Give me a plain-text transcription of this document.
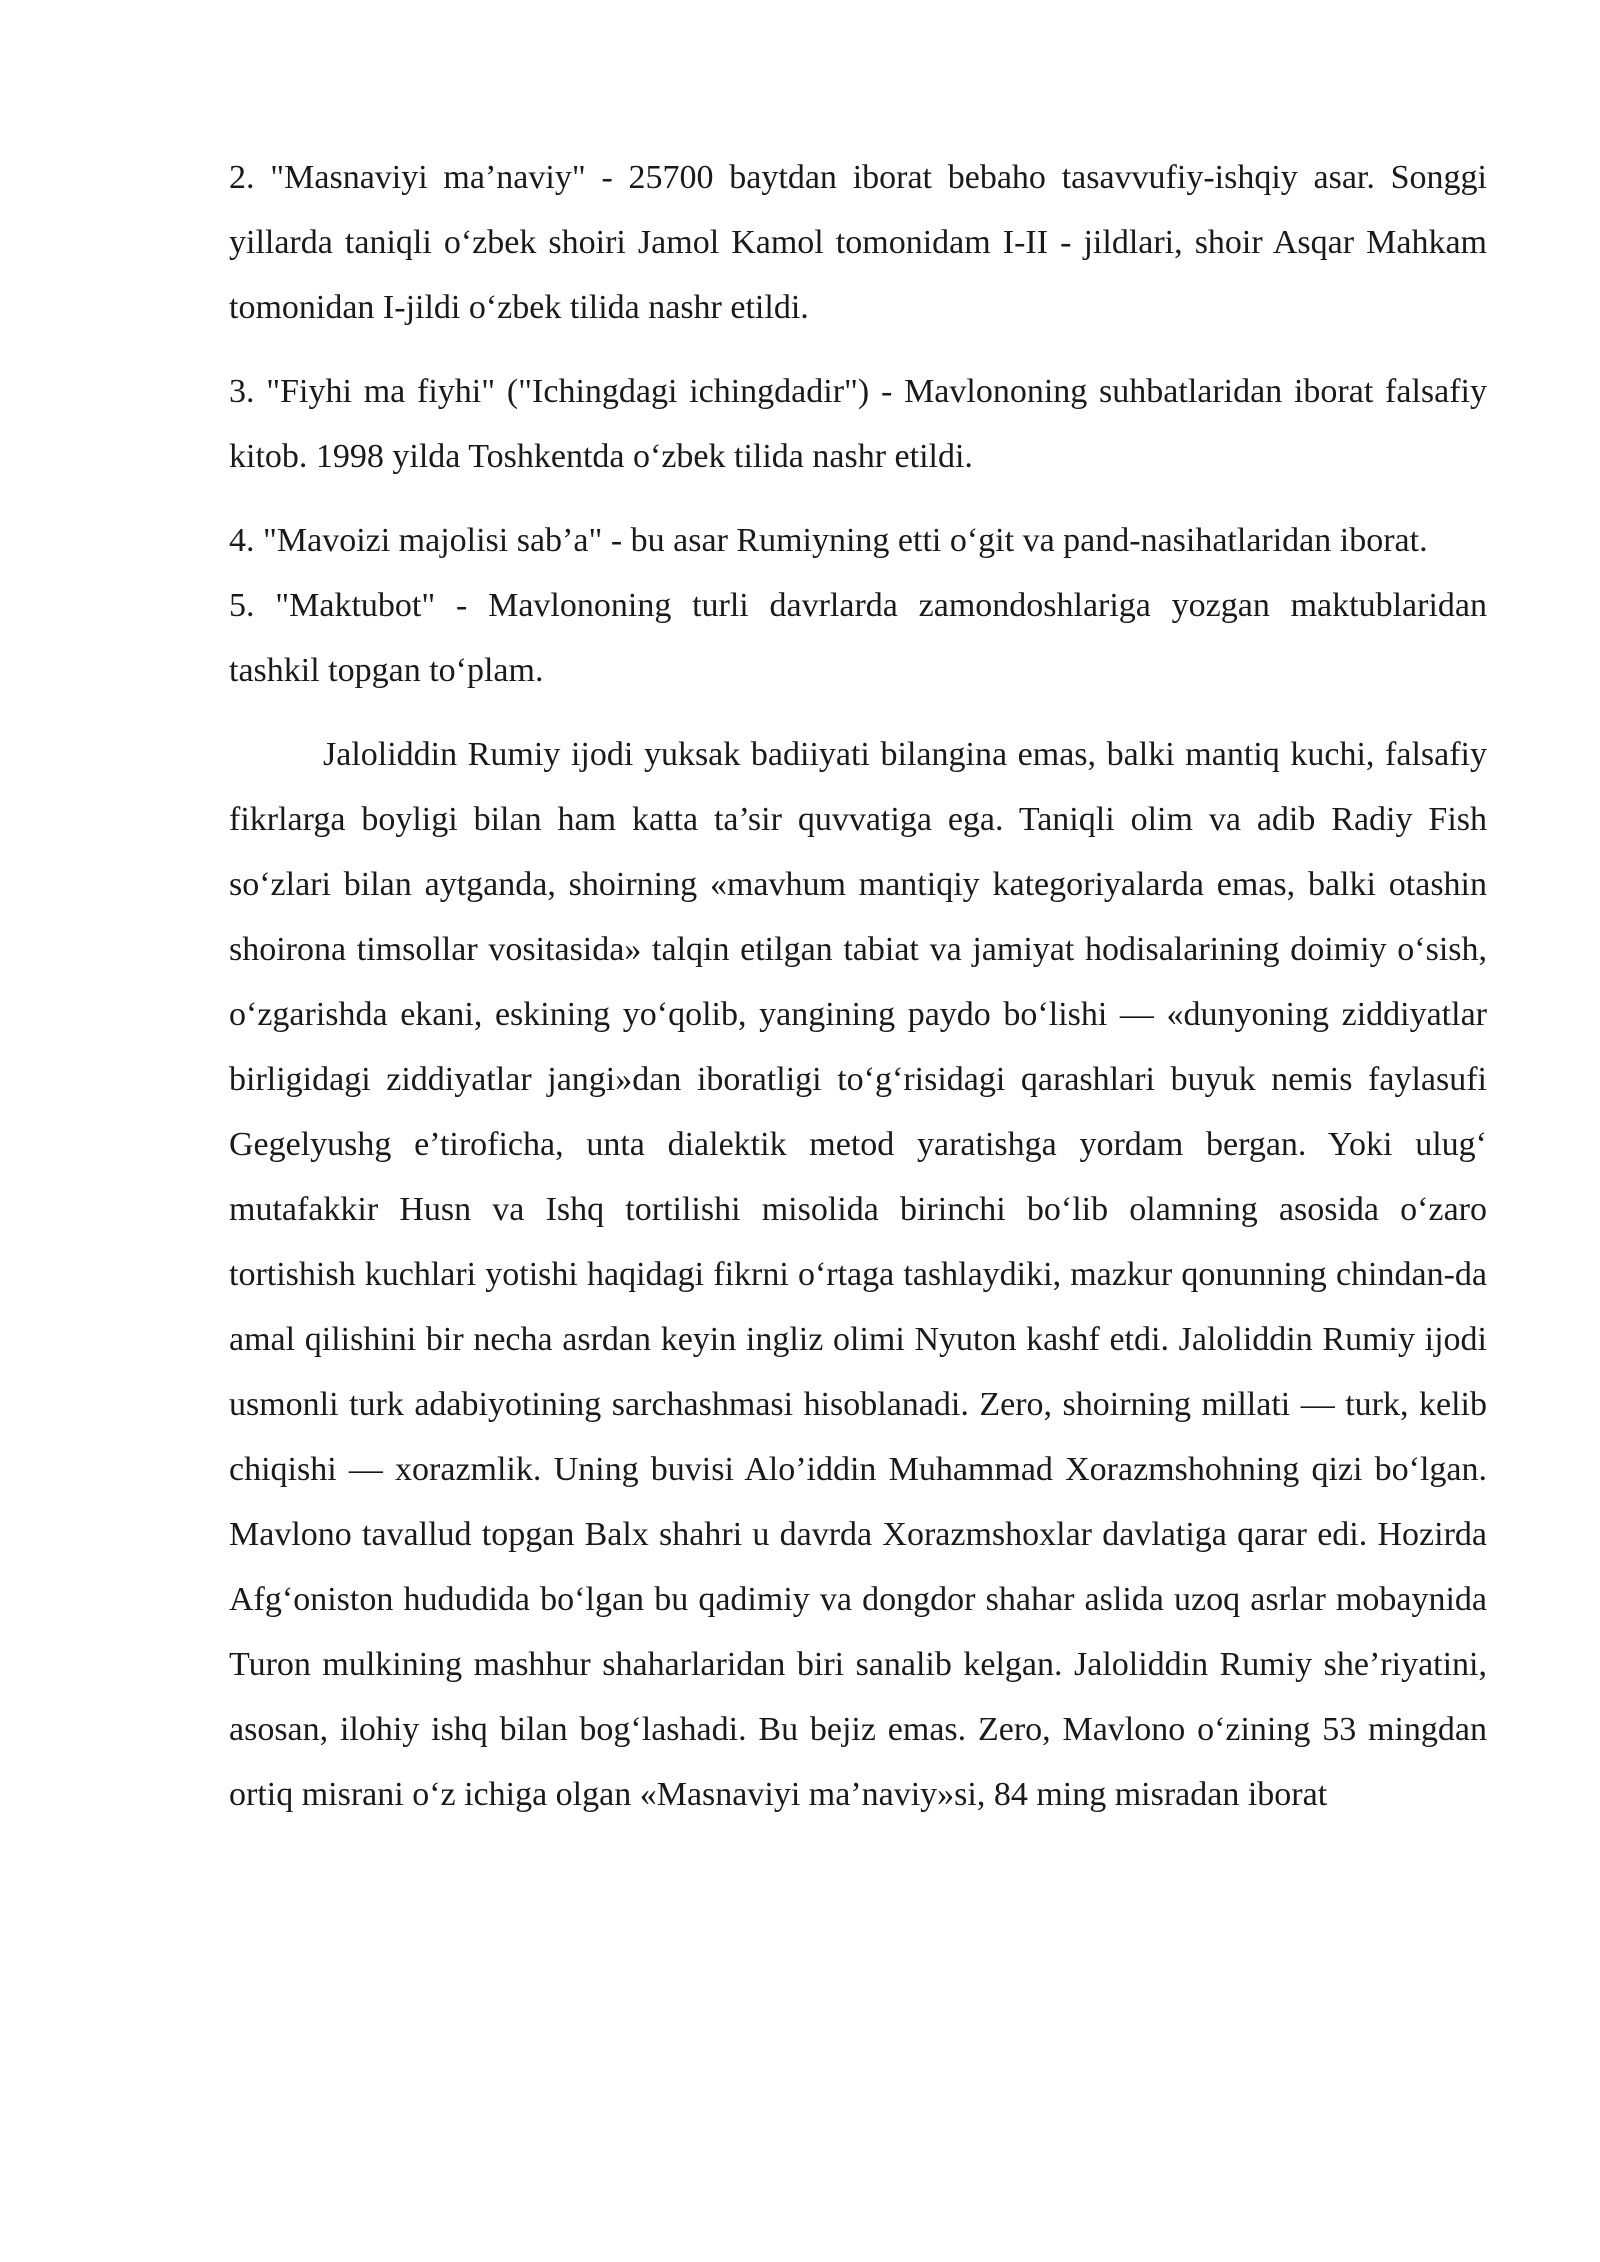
2. "Masnaviyi ma’naviy" - 25700 baytdan iborat bebaho tasavvufiy-ishqiy asar. Songgi yillarda taniqli o‘zbek shoiri Jamol Kamol tomonidam I-II - jildlari, shoir Asqar Mahkam tomonidan I-jildi o‘zbek tilida nashr etildi.

3. "Fiyhi ma fiyhi" ("Ichingdagi ichingdadir") - Mavlononing suhbatlaridan iborat falsafiy kitob. 1998 yilda Toshkentda o‘zbek tilida nashr etildi.

4. "Mavoizi majolisi sab’a" - bu asar Rumiyning etti o‘git va pand-nasihatlaridan iborat.

5. "Maktubot" - Mavlononing turli davrlarda zamondoshlariga yozgan maktublaridan tashkil topgan to‘plam.

Jaloliddin Rumiy ijodi yuksak badiiyati bilangina emas, balki mantiq kuchi, falsafiy fikrlarga boyligi bilan ham katta ta’sir quvvatiga ega. Taniqli olim va adib Radiy Fish so‘zlari bilan aytganda, shoirning «mavhum mantiqiy kategoriyalarda emas, balki otashin shoirona timsollar vositasida» talqin etilgan tabiat va jamiyat hodisalarining doimiy o‘sish, o‘zgarishda ekani, eskining yo‘qolib, yangining paydo bo‘lishi — «dunyoning ziddiyatlar birligidagi ziddiyatlar jangi»dan iboratligi to‘g‘risidagi qarashlari buyuk nemis faylasufi Gegelyushg e’tiroficha, unta dialektik metod yaratishga yordam bergan. Yoki ulug‘ mutafakkir Husn va Ishq tortilishi misolida birinchi bo‘lib olamning asosida o‘zaro tortishish kuchlari yotishi haqidagi fikrni o‘rtaga tashlaydiki, mazkur qonunning chindan-da amal qilishini bir necha asrdan keyin ingliz olimi Nyuton kashf etdi. Jaloliddin Rumiy ijodi usmonli turk adabiyotining sarchashmasi hisoblanadi. Zero, shoirning millati — turk, kelib chiqishi — xorazmlik. Uning buvisi Alo’iddin Muhammad Xorazmshohning qizi bo‘lgan. Mavlono tavallud topgan Balx shahri u davrda Xorazmshoxlar davlatiga qarar edi. Hozirda Afg‘oniston hududida bo‘lgan bu qadimiy va dongdor shahar aslida uzoq asrlar mobaynida Turon mulkining mashhur shaharlaridan biri sanalib kelgan. Jaloliddin Rumiy she’riyatini, asosan, ilohiy ishq bilan bog‘lashadi. Bu bejiz emas. Zero, Mavlono o‘zining 53 mingdan ortiq misrani o‘z ichiga olgan «Masnaviyi ma’naviy»si, 84 ming misradan iborat
